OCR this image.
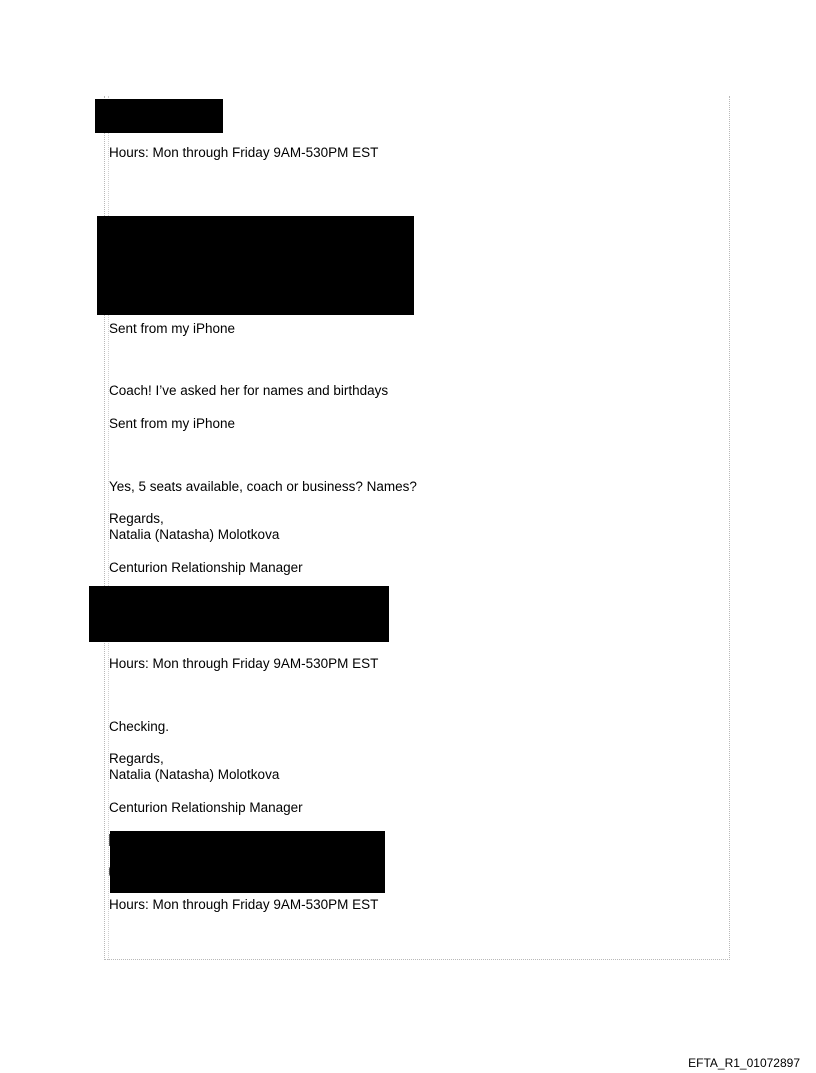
Hours: Mon through Friday 9AM-530PM EST
Sent from my iPhone
Coach! I’ve asked her for names and birthdays
Sent from my iPhone
Yes, 5 seats available, coach or business? Names?
Regards,
Natalia (Natasha) Molotkova
Centurion Relationship Manager
Hours: Mon through Friday 9AM-530PM EST
Checking.
Regards,
Natalia (Natasha) Molotkova
Centurion Relationship Manager
Hours: Mon through Friday 9AM-530PM EST
EFTA_R1_01072897
